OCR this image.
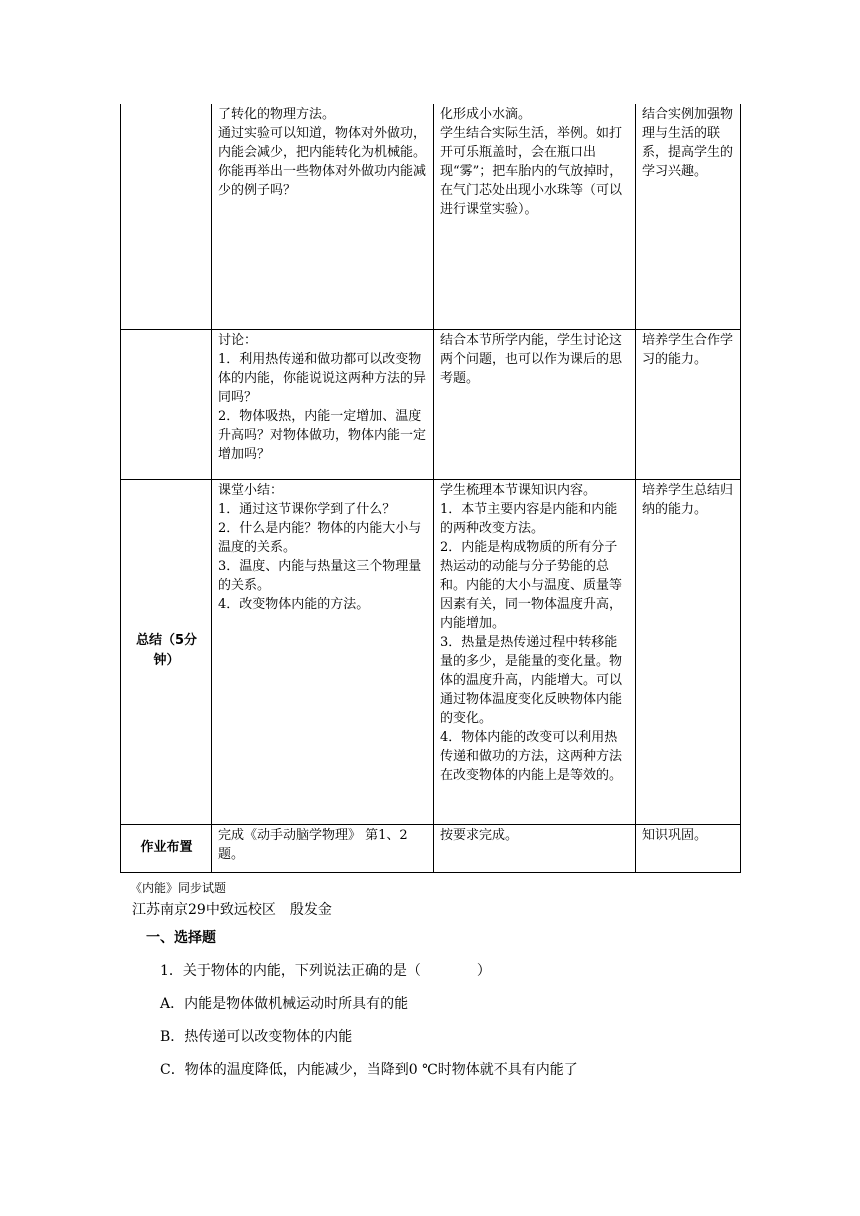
	了转化的物理方法。
通过实验可以知道，物体对外做功，内能会减少，把内能转化为机械能。
你能再举出一些物体对外做功内能减少的例子吗？	化形成小水滴。
学生结合实际生活，举例。如打开可乐瓶盖时，会在瓶口出现“雾”；把车胎内的气放掉时，在气门芯处出现小水珠等（可以进行课堂实验）。	结合实例加强物理与生活的联系，提高学生的学习兴趣。

	讨论：
1．利用热传递和做功都可以改变物体的内能，你能说说这两种方法的异同吗？
2．物体吸热，内能一定增加、温度升高吗？对物体做功，物体内能一定增加吗？	结合本节所学内能，学生讨论这两个问题，也可以作为课后的思考题。	培养学生合作学习的能力。

总结（5分钟）	课堂小结：
1．通过这节课你学到了什么？
2．什么是内能？物体的内能大小与温度的关系。
3．温度、内能与热量这三个物理量的关系。
4．改变物体内能的方法。	学生梳理本节课知识内容。
1．本节主要内容是内能和内能的两种改变方法。
2．内能是构成物质的所有分子热运动的动能与分子势能的总和。内能的大小与温度、质量等因素有关，同一物体温度升高，内能增加。
3．热量是热传递过程中转移能量的多少，是能量的变化量。物体的温度升高，内能增大。可以通过物体温度变化反映物体内能的变化。
4．物体内能的改变可以利用热传递和做功的方法，这两种方法在改变物体的内能上是等效的。	培养学生总结归纳的能力。

作业布置	完成《动手动脑学物理》 第1、2题。	按要求完成。	知识巩固。
《内能》同步试题
江苏南京29中致远校区 殷发金
一、选择题
1．关于物体的内能，下列说法正确的是（　　　　）
A．内能是物体做机械运动时所具有的能
B．热传递可以改变物体的内能
C．物体的温度降低，内能减少，当降到0 ℃时物体就不具有内能了
